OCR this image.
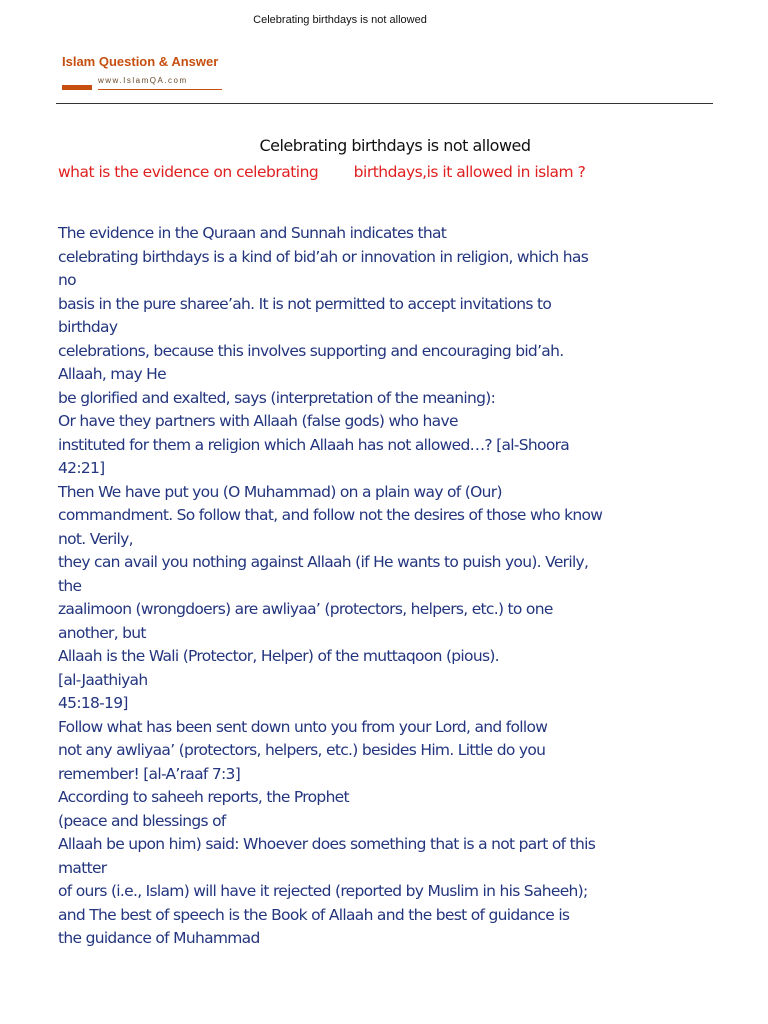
Celebrating birthdays is not allowed
Islam Question & Answer
www.IslamQA.com
Celebrating birthdays is not allowed
what is the evidence on celebrating        birthdays,is it allowed in islam ?
The evidence in the Quraan and Sunnah indicates that
celebrating birthdays is a kind of bid’ah or innovation in religion, which has
no
basis in the pure sharee’ah. It is not permitted to accept invitations to
birthday
celebrations, because this involves supporting and encouraging bid’ah.
Allaah, may He
be glorified and exalted, says (interpretation of the meaning):
Or have they partners with Allaah (false gods) who have
instituted for them a religion which Allaah has not allowed…? [al-Shoora
42:21]
Then We have put you (O Muhammad) on a plain way of (Our)
commandment. So follow that, and follow not the desires of those who know
not. Verily,
they can avail you nothing against Allaah (if He wants to puish you). Verily,
the
zaalimoon (wrongdoers) are awliyaa’ (protectors, helpers, etc.) to one
another, but
Allaah is the Wali (Protector, Helper) of the muttaqoon (pious).
[al-Jaathiyah
45:18-19]
Follow what has been sent down unto you from your Lord, and follow
not any awliyaa’ (protectors, helpers, etc.) besides Him. Little do you
remember! [al-A’raaf 7:3]
According to saheeh reports, the Prophet
(peace and blessings of
Allaah be upon him) said: Whoever does something that is a not part of this
matter
of ours (i.e., Islam) will have it rejected (reported by Muslim in his Saheeh);
and The best of speech is the Book of Allaah and the best of guidance is
the guidance of Muhammad
